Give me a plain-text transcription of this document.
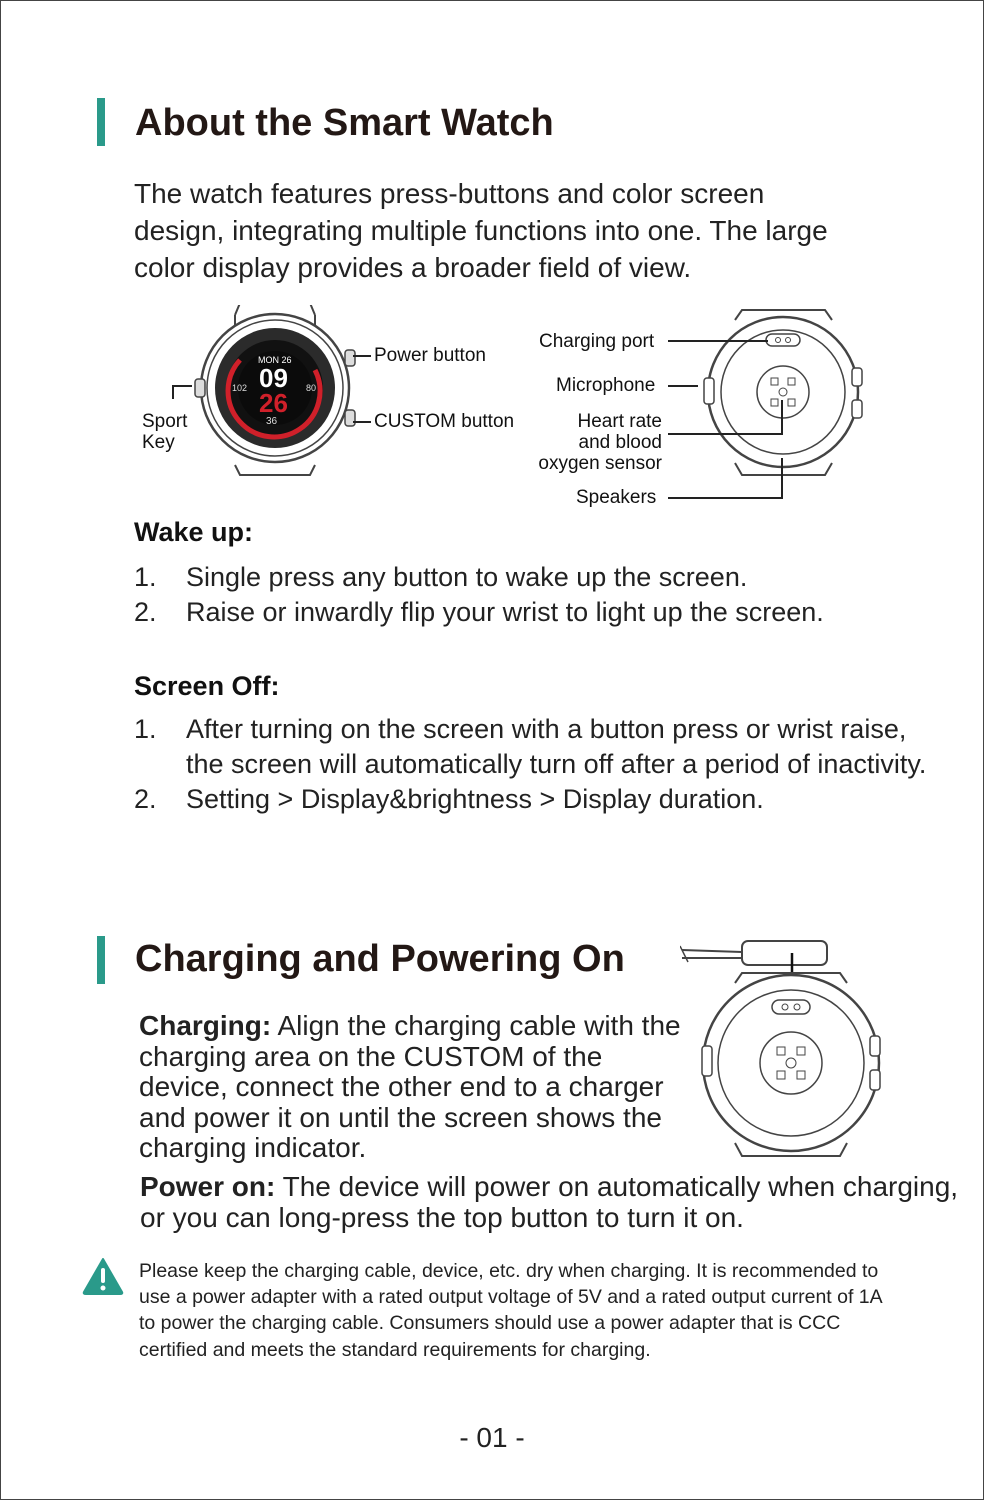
About the Smart Watch
The watch features press-buttons and color screen design, integrating multiple functions into one. The large color display provides a broader field of view.
MON 26
09
26
102	80
36
Power button
CUSTOM button
Sport
Key
Charging port
Microphone
Heart rate
and blood
oxygen sensor
Speakers
Wake up:
1. Single press any button to wake up the screen.
2. Raise or inwardly flip your wrist to light up the screen.
Screen Off:
1. After turning on the screen with a button press or wrist raise, the screen will automatically turn off after a period of inactivity.
2. Setting > Display&brightness > Display duration.
Charging and Powering On
Charging: Align the charging cable with the charging area on the CUSTOM of the device, connect the other end to a charger and power it on until the screen shows the charging indicator.
Power on: The device will power on automatically when charging, or you can long-press the top button to turn it on.
Please keep the charging cable, device, etc. dry when charging. It is recommended to use a power adapter with a rated output voltage of 5V and a rated output current of 1A to power the charging cable. Consumers should use a power adapter that is CCC certified and meets the standard requirements for charging.
- 01 -
